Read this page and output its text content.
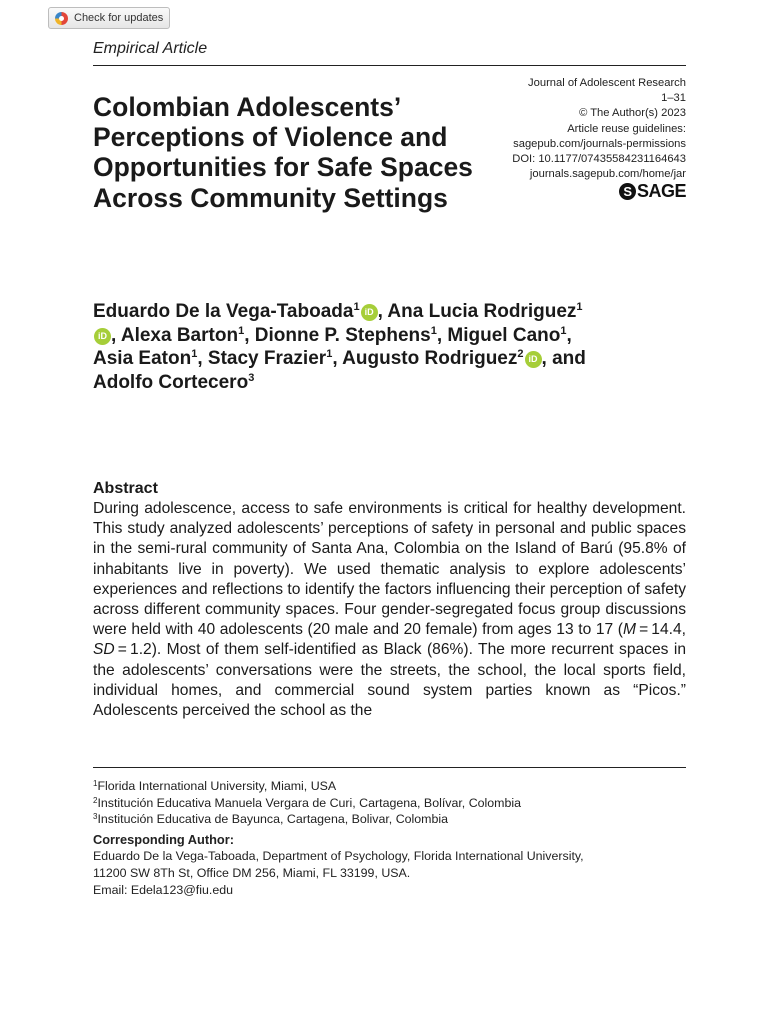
Check for updates
Empirical Article
Journal of Adolescent Research
1–31
© The Author(s) 2023
Article reuse guidelines:
sagepub.com/journals-permissions
DOI: 10.1177/07435584231164643
journals.sagepub.com/home/jar
S SAGE
Colombian Adolescents’ Perceptions of Violence and Opportunities for Safe Spaces Across Community Settings

Eduardo De la Vega-Taboada$^1$ iD , Ana Lucia Rodriguez$^1$iD , Alexa Barton$^1$, Dionne P. Stephens$^1$, Miguel Cano$^1$, Asia Eaton$^1$, Stacy Frazier$^1$, Augusto Rodriguez$^2$ iD , and
Adolfo Cortecero$^3$

Abstract

During adolescence, access to safe environments is critical for healthy development. This study analyzed adolescents’ perceptions of safety in personal and public spaces in the semi-rural community of Santa Ana, Colombia on the Island of Barú (95.8% of inhabitants live in poverty). We used thematic analysis to explore adolescents’ experiences and reflections to identify the factors influencing their perception of safety across different community spaces. Four gender-segregated focus group discussions were held with 40 adolescents (20 male and 20 female) from ages 13 to 17 (M = 14.4, SD = 1.2). Most of them self-identified as Black (86%). The more recurrent spaces in the adolescents’ conversations were the streets, the school, the local sports field, individual homes, and commercial sound system parties known as “Picos.” Adolescents perceived the school as the

$^1$Florida International University, Miami, USA
$^2$Institución Educativa Manuela Vergara de Curi, Cartagena, Bolívar, Colombia
$^3$Institución Educativa de Bayunca, Cartagena, Bolivar, Colombia
Corresponding Author:
Eduardo De la Vega-Taboada, Department of Psychology, Florida International University,
11200 SW 8Th St, Office DM 256, Miami, FL 33199, USA.
Email: Edela123@fiu.edu
